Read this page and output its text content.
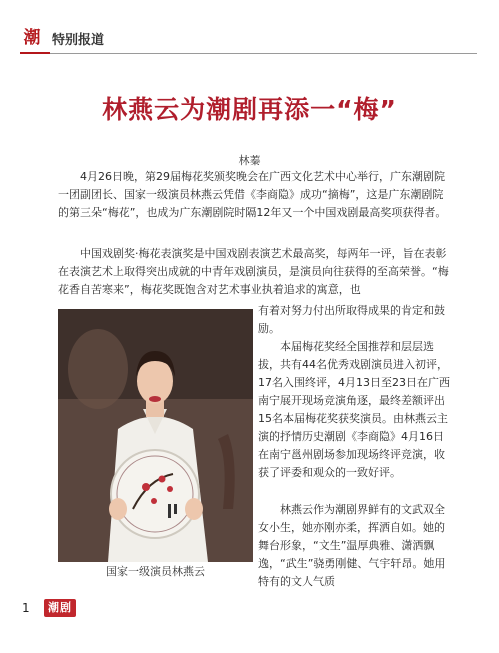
潮 特别报道
林燕云为潮剧再添一“梅”
林蓁

4月26日晚，第29届梅花奖颁奖晚会在广西文化艺术中心举行，广东潮剧院一团副团长、国家一级演员林燕云凭借《李商隐》成功“摘梅”，这是广东潮剧院的第三朵“梅花”，也成为广东潮剧院时隔12年又一个中国戏剧最高奖项获得者。

中国戏剧奖·梅花表演奖是中国戏剧表演艺术最高奖，每两年一评，旨在表彰在表演艺术上取得突出成就的中青年戏剧演员，是演员向往获得的至高荣誉。“梅花香自苦寒来”，梅花奖既饱含对艺术事业执着追求的寓意，也

国家一级演员林燕云

有着对努力付出所取得成果的肯定和鼓励。

本届梅花奖经全国推荐和层层选拔，共有44名优秀戏剧演员进入初评，17名入围终评，4月13日至23日在广西南宁展开现场竞演角逐，最终差额评出15名本届梅花奖获奖演员。由林燕云主演的抒情历史潮剧《李商隐》4月16日在南宁邕州剧场参加现场终评竞演，收获了评委和观众的一致好评。

林燕云作为潮剧界鲜有的文武双全女小生，她亦刚亦柔，挥洒自如。她的舞台形象，“文生”温厚典雅、潇洒飘逸，“武生”骁勇刚健、气宇轩昂。她用特有的文人气质

1	潮剧
